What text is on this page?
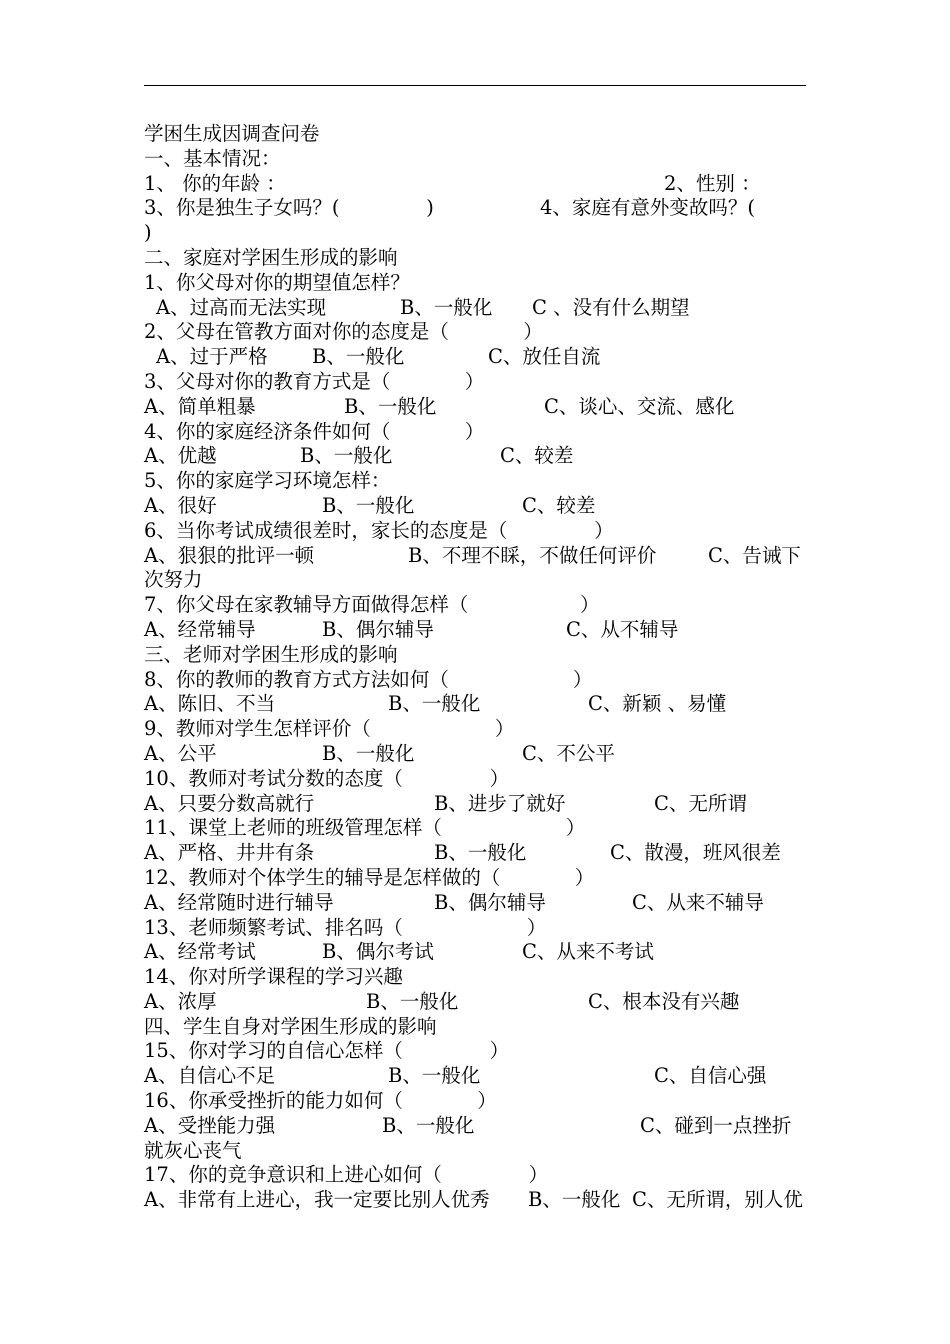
学困生成因调查问卷
一、基本情况：

1、 你的年龄 ：

	2、性别 ：

3、你是独生子女吗？(              )

	4、家庭有意外变故吗？(

)
二、家庭对学困生形成的影响
1、你父母对你的期望值怎样？

A、过高而无法实现

	B、一般化

C 、没有什么期望

2、父母在管教方面对你的态度是（            ）

A、过于严格

B、一般化

	C、放任自流

3、父母对你的教育方式是（            ）

A、简单粗暴

	B、一般化

	C、谈心、交流、感化

4、你的家庭经济条件如何（            ）

A、优越

	B、一般化

	C、较差

5、你的家庭学习环境怎样：

A、很好

	B、一般化

	C、较差

6、当你考试成绩很差时，家长的态度是（              ）

A、狠狠的批评一顿

	B、不理不睬，不做任何评价

	C、告诫下

次努力
7、你父母在家教辅导方面做得怎样（                  ）

A、经常辅导

	B、偶尔辅导

	C、从不辅导

三、老师对学困生形成的影响
8、你的教师的教育方式方法如何（                    ）

A、陈旧、不当

	B、一般化

	C、新颖 、易懂

9、教师对学生怎样评价（                    ）

A、公平

	B、一般化

	C、不公平

10、教师对考试分数的态度（              ）

A、只要分数高就行

	B、进步了就好

	C、无所谓

11、课堂上老师的班级管理怎样（                    ）

A、严格、井井有条

	B、一般化

	C、散漫，班风很差

12、教师对个体学生的辅导是怎样做的（            ）

A、经常随时进行辅导

	B、偶尔辅导

	C、从来不辅导

13、老师频繁考试、排名吗（                    ）

A、经常考试

	B、偶尔考试

	C、从来不考试

14、你对所学课程的学习兴趣

A、浓厚

	B、一般化

	C、根本没有兴趣

四、学生自身对学困生形成的影响
15、你对学习的自信心怎样（              ）

A、自信心不足

	B、一般化

	C、自信心强

16、你承受挫折的能力如何（            ）

A、受挫能力强

	B、一般化

	C、碰到一点挫折

就灰心丧气
17、你的竞争意识和上进心如何（              ）

A、非常有上进心，我一定要比别人优秀

B、一般化

C、无所谓，别人优
